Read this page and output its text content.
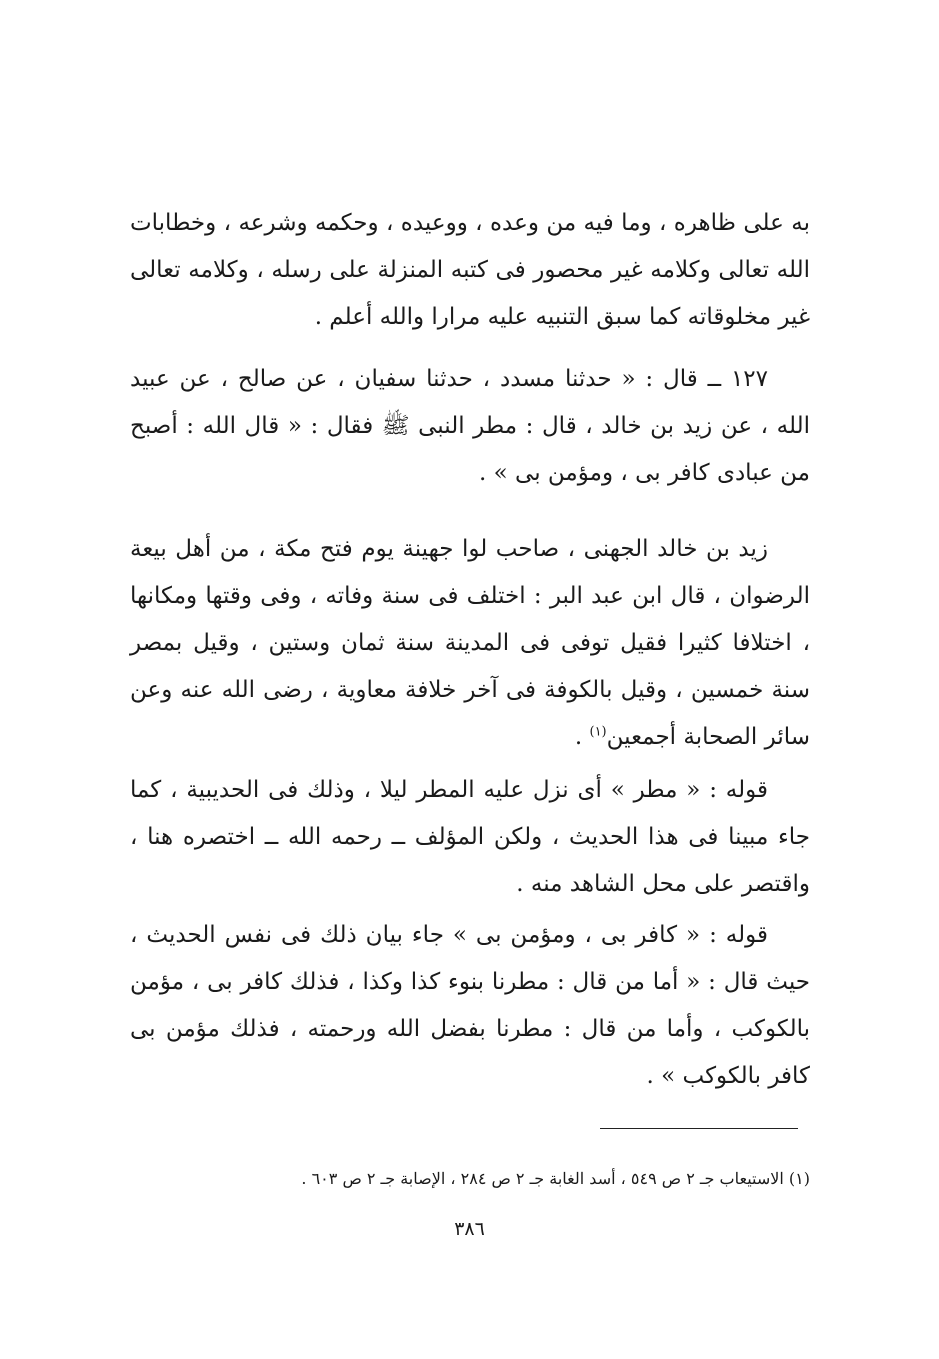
به على ظاهره ، وما فيه من وعده ، ووعيده ، وحكمه وشرعه ، وخطابات الله تعالى وكلامه غير محصور فى كتبه المنزلة على رسله ، وكلامه تعالى غير مخلوقاته كما سبق التنبيه عليه مرارا والله أعلم .

١٢٧ ــ قال : « حدثنا مسدد ، حدثنا سفيان ، عن صالح ، عن عبيد الله ، عن زيد بن خالد ، قال : مطر النبى ﷺ فقال : « قال الله : أصبح من عبادى كافر بى ، ومؤمن بى » .

زيد بن خالد الجهنى ، صاحب لوا جهينة يوم فتح مكة ، من أهل بيعة الرضوان ، قال ابن عبد البر : اختلف فى سنة وفاته ، وفى وقتها ومكانها ، اختلافا كثيرا فقيل توفى فى المدينة سنة ثمان وستين ، وقيل بمصر سنة خمسين ، وقيل بالكوفة فى آخر خلافة معاوية ، رضى الله عنه وعن سائر الصحابة أجمعين$^{(١)}$ .

قوله : « مطر » أى نزل عليه المطر ليلا ، وذلك فى الحديبية ، كما جاء مبينا فى هذا الحديث ، ولكن المؤلف ــ رحمه الله ــ اختصره هنا ، واقتصر على محل الشاهد منه .

قوله : « كافر بى ، ومؤمن بى » جاء بيان ذلك فى نفس الحديث ، حيث قال : « أما من قال : مطرنا بنوء كذا وكذا ، فذلك كافر بى ، مؤمن بالكوكب ، وأما من قال : مطرنا بفضل الله ورحمته ، فذلك مؤمن بى كافر بالكوكب » .

(١) الاستيعاب جـ ٢ ص ٥٤٩ ، أسد الغابة جـ ٢ ص ٢٨٤ ، الإصابة جـ ٢ ص ٦٠٣ .

٣٨٦
